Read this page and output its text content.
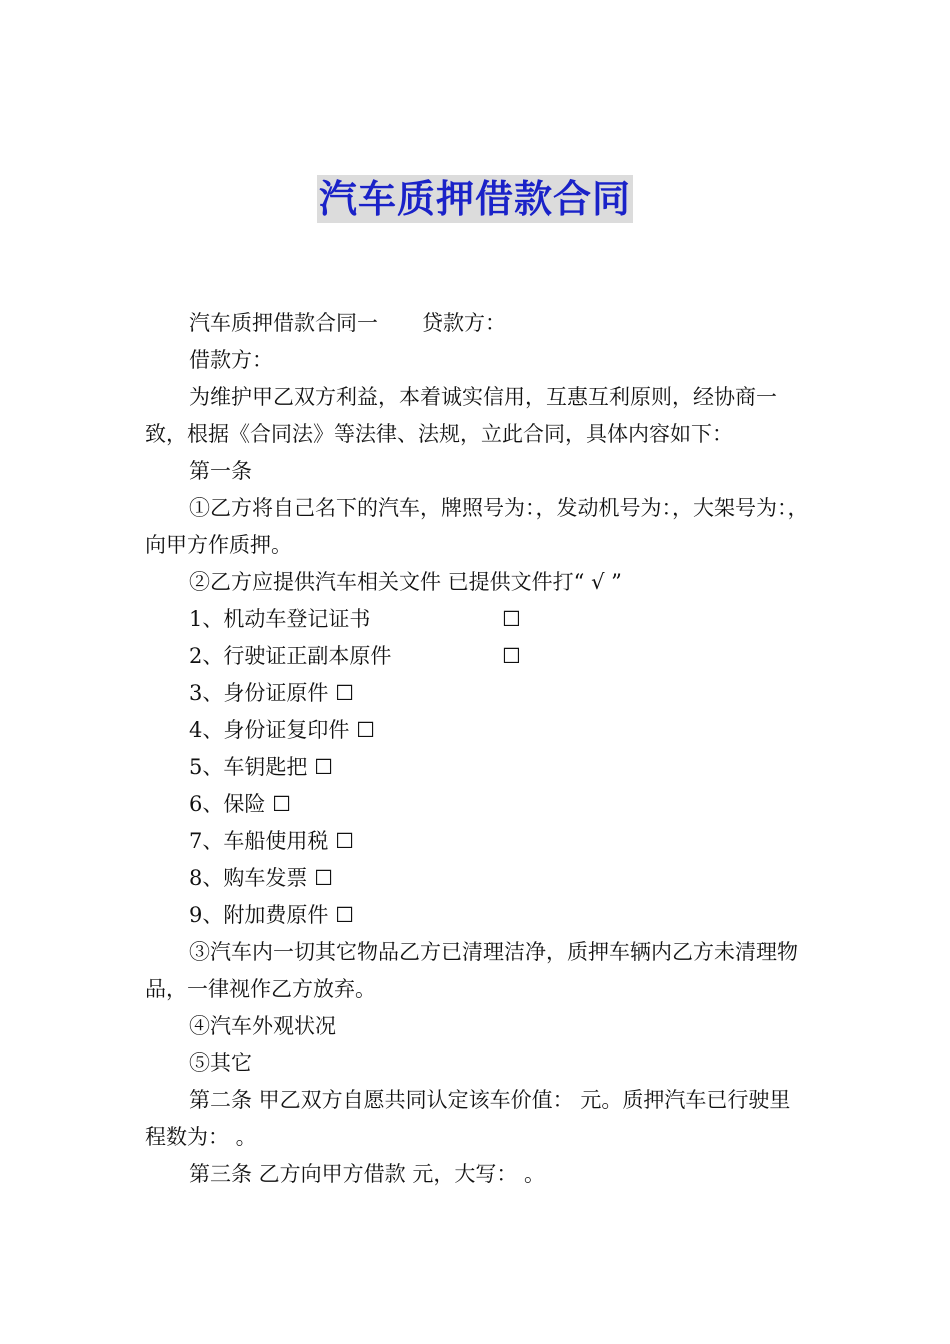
汽车质押借款合同

汽车质押借款合同一 贷款方：

借款方：

为维护甲乙双方利益，本着诚实信用，互惠互利原则，经协商一致，根据《合同法》等法律、法规，立此合同，具体内容如下：

第一条

①乙方将自己名下的汽车，牌照号为：，发动机号为：，大架号为：，向甲方作质押。

②乙方应提供汽车相关文件 已提供文件打“ √ ”

1、机动车登记证书	☐

2、行驶证正副本原件	☐

3、身份证原件 ☐

4、身份证复印件 ☐

5、车钥匙把 ☐

6、保险 ☐

7、车船使用税 ☐

8、购车发票 ☐

9、附加费原件 ☐

③汽车内一切其它物品乙方已清理洁净，质押车辆内乙方未清理物品，一律视作乙方放弃。

④汽车外观状况

⑤其它

第二条 甲乙双方自愿共同认定该车价值： 元。质押汽车已行驶里程数为： 。

第三条 乙方向甲方借款 元，大写： 。
